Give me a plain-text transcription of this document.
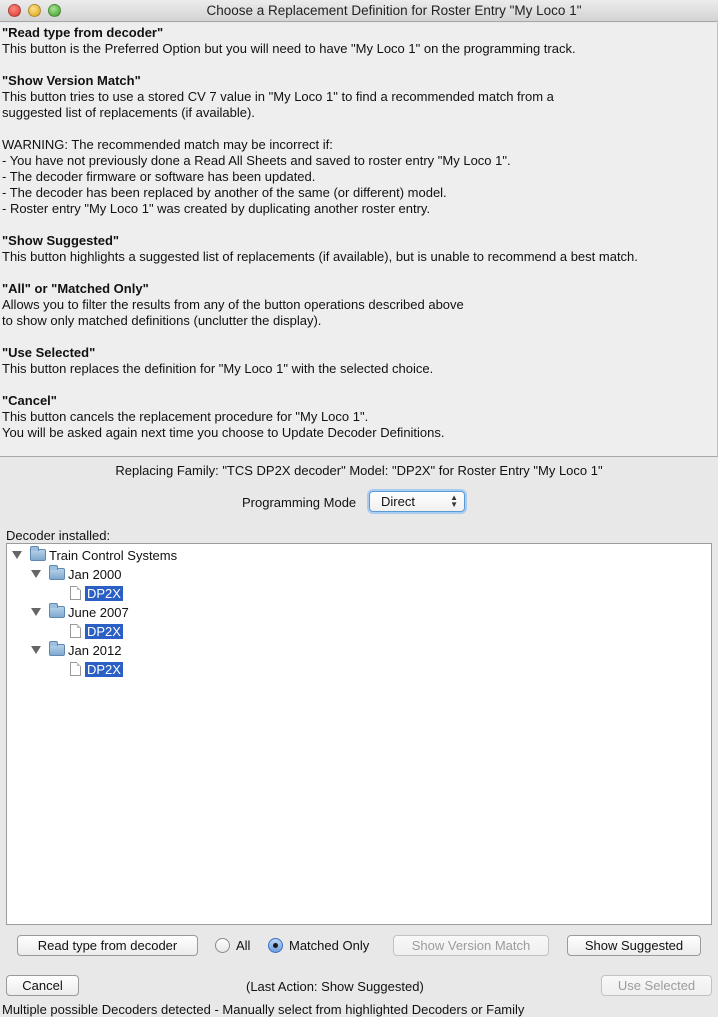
Choose a Replacement Definition for Roster Entry "My Loco 1"
"Read type from decoder"
This button is the Preferred Option but you will need to have "My Loco 1" on the programming track.
"Show Version Match"
This button tries to use a stored CV 7 value in "My Loco 1" to find a recommended match from a
suggested list of replacements (if available).
WARNING: The recommended match may be incorrect if:
- You have not previously done a Read All Sheets and saved to roster entry "My Loco 1".
- The decoder firmware or software has been updated.
- The decoder has been replaced by another of the same (or different) model.
- Roster entry "My Loco 1" was created by duplicating another roster entry.
"Show Suggested"
This button highlights a suggested list of replacements (if available), but is unable to recommend a best match.
"All" or "Matched Only"
Allows you to filter the results from any of the button operations described above
to show only matched definitions (unclutter the display).
"Use Selected"
This button replaces the definition for "My Loco 1" with the selected choice.
"Cancel"
This button cancels the replacement procedure for "My Loco 1".
You will be asked again next time you choose to Update Decoder Definitions.
Replacing Family: "TCS DP2X decoder" Model: "DP2X" for Roster Entry "My Loco 1"
Programming Mode	Direct	▲
▼
Decoder installed:
Train Control Systems
Jan 2000
DP2X
June 2007
DP2X
Jan 2012
DP2X
Read type from decoder	All	Matched Only	Show Version Match	Show Suggested
Cancel	(Last Action: Show Suggested)	Use Selected
Multiple possible Decoders detected - Manually select from highlighted Decoders or Family
